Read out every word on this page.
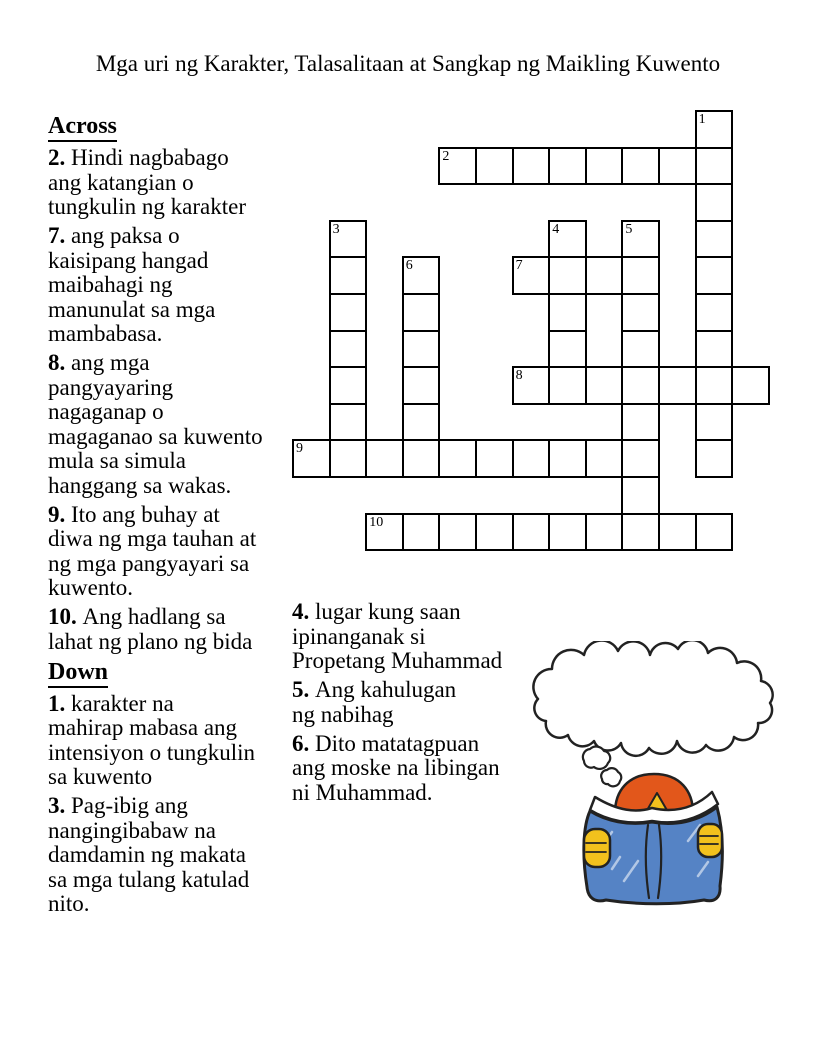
Mga uri ng Karakter, Talasalitaan at Sangkap ng Maikling Kuwento
Across
2. Hindi nagbabago
ang katangian o
tungkulin ng karakter
7. ang paksa o
kaisipang hangad
maibahagi ng
manunulat sa mga
mambabasa.
8. ang mga
pangyayaring
nagaganap o
magaganao sa kuwento
mula sa simula
hanggang sa wakas.
9. Ito ang buhay at
diwa ng mga tauhan at
ng mga pangyayari sa
kuwento.
10. Ang hadlang sa
lahat ng plano ng bida
Down
1. karakter na
mahirap mabasa ang
intensiyon o tungkulin
sa kuwento
3. Pag-ibig ang
nangingibabaw na
damdamin ng makata
sa mga tulang katulad
nito.
4. lugar kung saan
ipinanganak si
Propetang Muhammad
5. Ang kahulugan
ng nabihag
6. Dito matatagpuan
ang moske na libingan
ni Muhammad.
1
2
3	4	5
6	7
8
9
10
